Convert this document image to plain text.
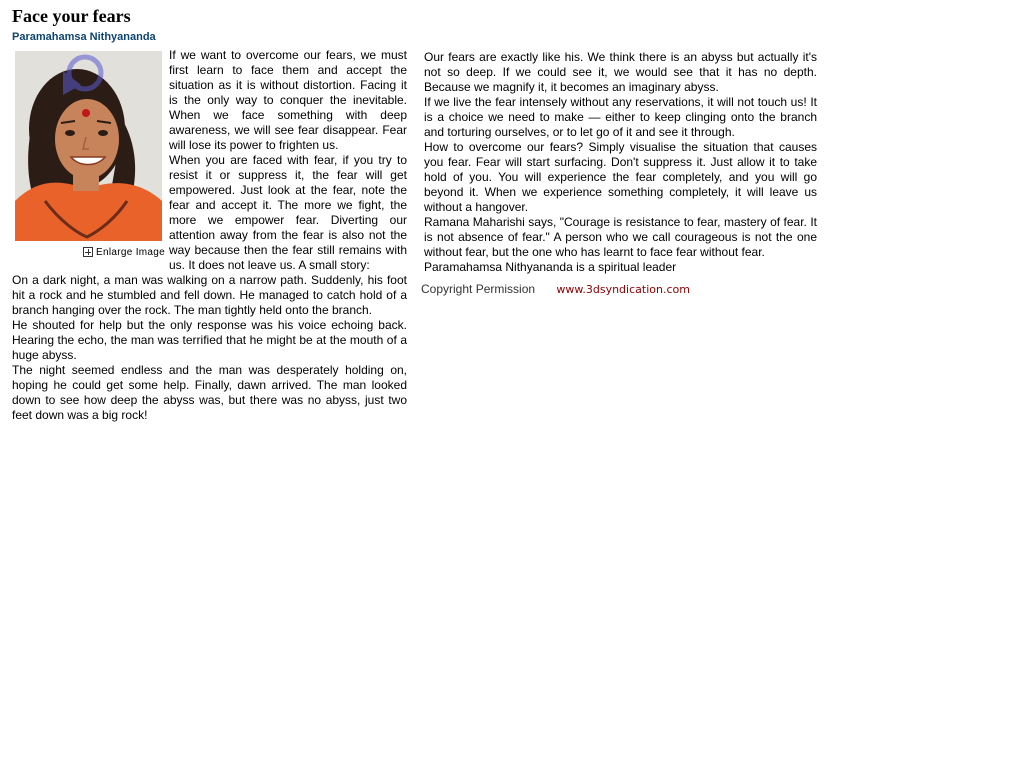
Face your fears
Paramahamsa Nithyananda
Enlarge Image

If we want to overcome our fears, we must first learn to face them and accept the situation as it is without distortion. Facing it is the only way to conquer the inevitable. When we face something with deep awareness, we will see fear disappear. Fear will lose its power to frighten us.

When you are faced with fear, if you try to resist it or suppress it, the fear will get empowered. Just look at the fear, note the fear and accept it. The more we fight, the more we empower fear. Diverting our attention away from the fear is also not the way because then the fear still remains with us. It does not leave us. A small story:

On a dark night, a man was walking on a narrow path. Suddenly, his foot hit a rock and he stumbled and fell down. He managed to catch hold of a branch hanging over the rock. The man tightly held onto the branch.

He shouted for help but the only response was his voice echoing back. Hearing the echo, the man was terrified that he might be at the mouth of a huge abyss.

The night seemed endless and the man was desperately holding on, hoping he could get some help. Finally, dawn arrived. The man looked down to see how deep the abyss was, but there was no abyss, just two feet down was a big rock!

Our fears are exactly like his. We think there is an abyss but actually it's not so deep. If we could see it, we would see that it has no depth. Because we magnify it, it becomes an imaginary abyss.

If we live the fear intensely without any reservations, it will not touch us! It is a choice we need to make — either to keep clinging onto the branch and torturing ourselves, or to let go of it and see it through.

How to overcome our fears? Simply visualise the situation that causes you fear. Fear will start surfacing. Don't suppress it. Just allow it to take hold of you. You will experience the fear completely, and you will go beyond it. When we experience something completely, it will leave us without a hangover.

Ramana Maharishi says, "Courage is resistance to fear, mastery of fear. It is not absence of fear." A person who we call courageous is not the one without fear, but the one who has learnt to face fear without fear.

Paramahamsa Nithyananda is a spiritual leader

Copyright Permission www.3dsyndication.com
